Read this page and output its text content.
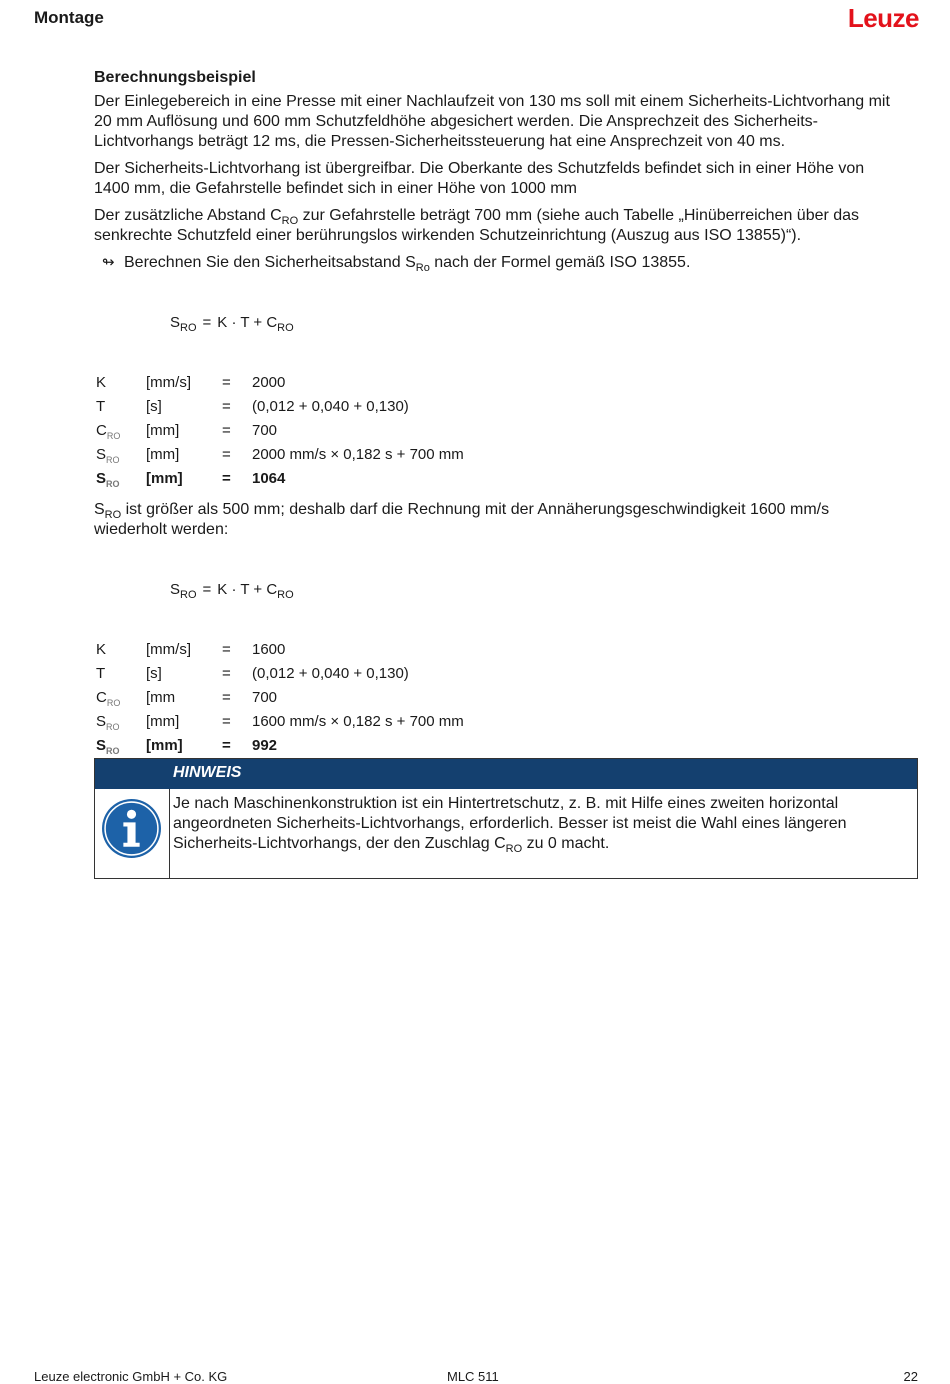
Montage	Leuze
Berechnungsbeispiel

Der Einlegebereich in eine Presse mit einer Nachlaufzeit von 130 ms soll mit einem Sicherheits-Lichtvorhang mit 20 mm Auflösung und 600 mm Schutzfeldhöhe abgesichert werden. Die Ansprechzeit des Sicherheits-Lichtvorhangs beträgt 12 ms, die Pressen-Sicherheitssteuerung hat eine Ansprechzeit von 40 ms.

Der Sicherheits-Lichtvorhang ist übergreifbar. Die Oberkante des Schutzfelds befindet sich in einer Höhe von 1400 mm, die Gefahrstelle befindet sich in einer Höhe von 1000 mm

Der zusätzliche Abstand $C_{RO}$ zur Gefahrstelle beträgt 700 mm (siehe auch Tabelle „Hinüberreichen über das senkrechte Schutzfeld einer berührungslos wirkenden Schutzeinrichtung (Auszug aus ISO 13855)“).

↬ Berechnen Sie den Sicherheitsabstand $S_{Ro}$ nach der Formel gemäß ISO 13855.
$S_{RO} = K \cdot T + C_{RO}$
K	[mm/s]	=	2000
T	[s]	=	(0,012 + 0,040 + 0,130)
$C_{RO}$	[mm]	=	700
$S_{RO}$	[mm]	=	2000 mm/s × 0,182 s + 700 mm
$S_{RO}$	[mm]	=	1064

$S_{RO}$ ist größer als 500 mm; deshalb darf die Rechnung mit der Annäherungsgeschwindigkeit 1600 mm/s wiederholt werden:

$S_{RO} = K \cdot T + C_{RO}$
K	[mm/s]	=	1600
T	[s]	=	(0,012 + 0,040 + 0,130)
$C_{RO}$	[mm	=	700
$S_{RO}$	[mm]	=	1600 mm/s × 0,182 s + 700 mm
$S_{RO}$	[mm]	=	992
HINWEIS
Je nach Maschinenkonstruktion ist ein Hintertretschutz, z. B. mit Hilfe eines zweiten horizontal angeordneten Sicherheits-Lichtvorhangs, erforderlich. Besser ist meist die Wahl eines längeren Sicherheits-Lichtvorhangs, der den Zuschlag $C_{RO}$ zu 0 macht.
Leuze electronic GmbH + Co. KG	MLC 511	22
